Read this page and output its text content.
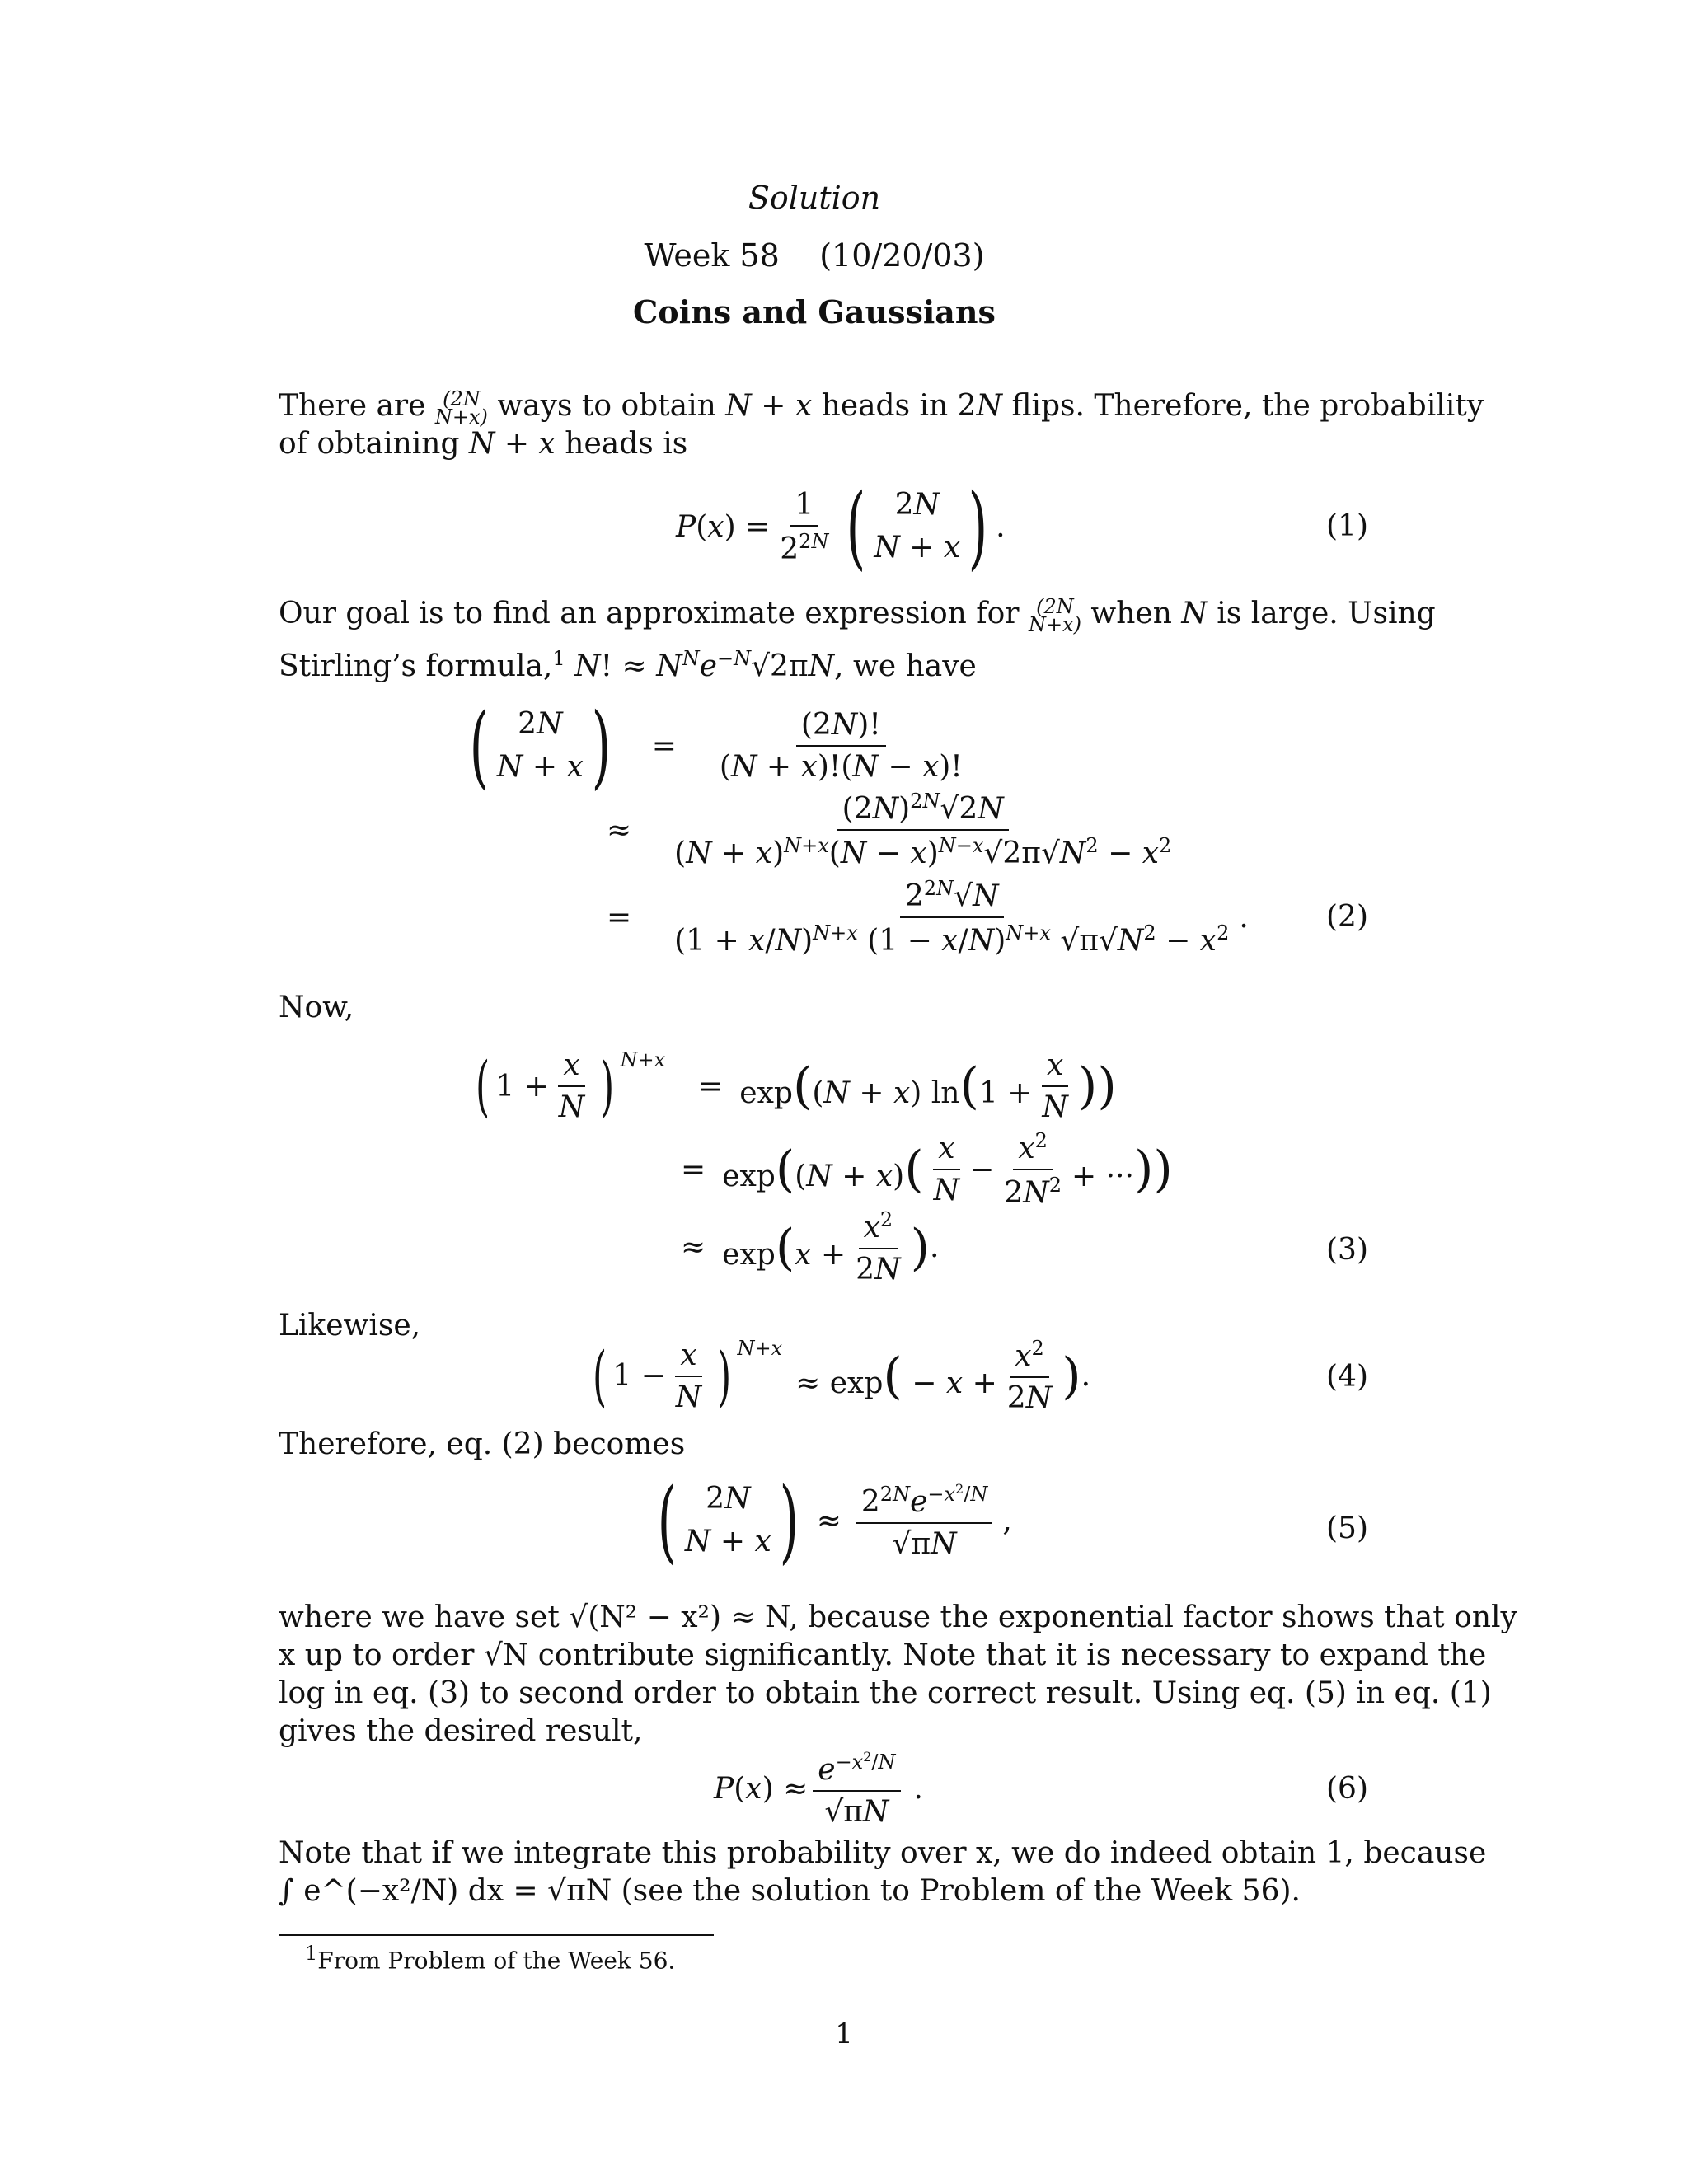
Solution
Week 58 (10/20/03)
Coins and Gaussians
There are (2N
N+x) ways to obtain N + x heads in 2N flips. Therefore, the probability
of obtaining N + x heads is
P $(x) = \frac{1}{2^{2N}}$ ( 2N
N + x ) .	(1)
Our goal is to find an approximate expression for (2N
N+x) when N is large. Using
Stirling’s formula,$^1$ N! ≈ $N^Ne^{-N}√2\pi N$, we have
( 2N
N + x ) = $\frac{(2N)!}{(N + x)!(N - x)!}$
≈ $\frac{(2N)^{2N}√2N}{(N + x)^{N+x}(N - x)^{N-x}√2\pi√N^2 - x^2}$
= $\frac{2^{2N}√N}{(1 + x/N)^{N+x} (1 - x/N)^{N+x} √\pi√N^2 - x^2}$ .	(2)
Now,
( $1 + \frac{x}{N}$ ) N+x
= exp((N + x) $\ln(1 + \frac{x}{N}$ ))
= $\exp((N + x)( \frac{x}{N} - \frac{x^2}{2N^2}$ + ···))
≈ $\exp(x + \frac{x^2}{2N}$ ) .	(3)
Likewise,
( $1 - \frac{x}{N}$ ) N+x
≈ $\exp( - x + \frac{x^2}{2N}$ ) .	(4)
Therefore, eq. (2) becomes
( 2N
N + x ) ≈ $\frac{2^{2N}e^{-x^2/N}}{√\pi N}$ ,	(5)
where we have set √(N² − x²) ≈ N, because the exponential factor shows that only
x up to order √N contribute significantly. Note that it is necessary to expand the
log in eq. (3) to second order to obtain the correct result. Using eq. (5) in eq. (1)
gives the desired result,
P $(x) \approx \frac{e^{-x^2/N}}{√\pi N}$ .	(6)
Note that if we integrate this probability over x, we do indeed obtain 1, because
∫ e^(−x²/N) dx = √πN (see the solution to Problem of the Week 56).
$^1$From Problem of the Week 56.
1
